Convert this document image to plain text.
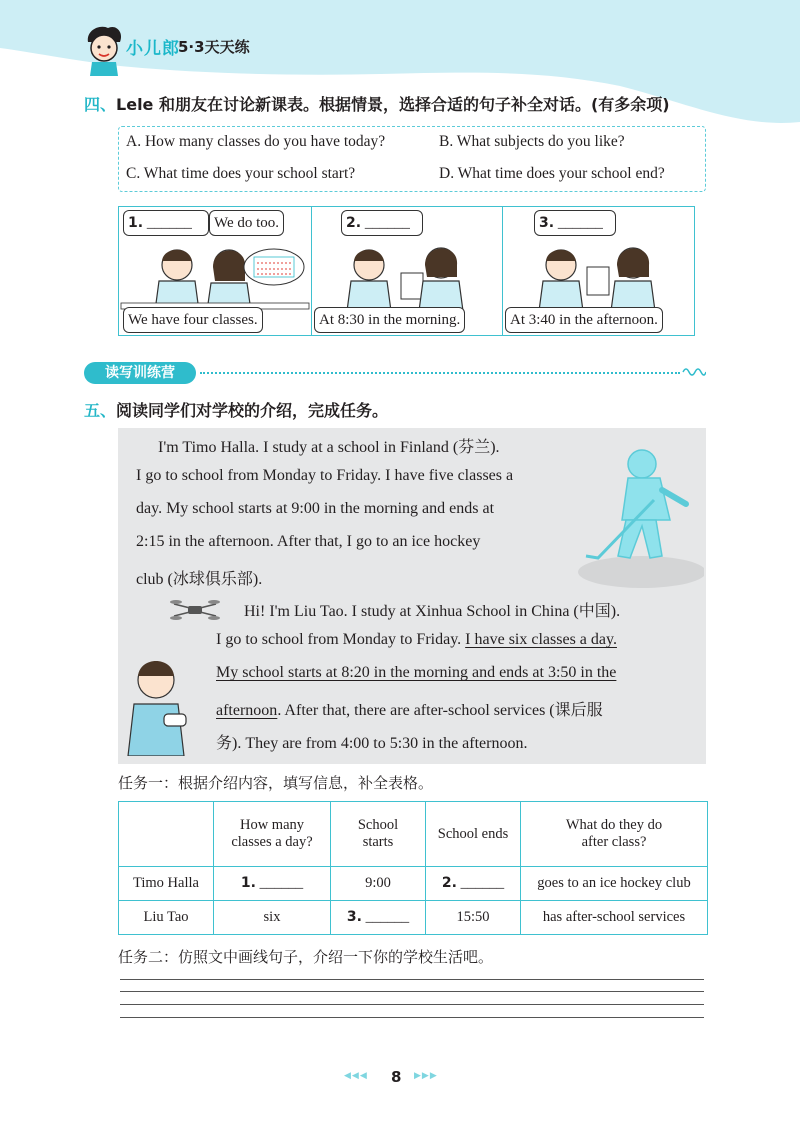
小儿郎
5·3天天练
四、Lele 和朋友在讨论新课表。根据情景，选择合适的句子补全对话。(有多余项)
A. How many classes do you have today?	B. What subjects do you like?
C. What time does your school start?	D. What time does your school end?
1. ______	We do too.
We have four classes.
2. ______
At 8:30 in the morning.
3. ______
At 3:40 in the afternoon.
读写训练营
五、阅读同学们对学校的介绍，完成任务。
I'm Timo Halla. I study at a school in Finland (芬兰).
I go to school from Monday to Friday. I have five classes a
day. My school starts at 9:00 in the morning and ends at
2:15 in the afternoon. After that, I go to an ice hockey
club (冰球俱乐部).
Hi! I'm Liu Tao. I study at Xinhua School in China (中国).
I go to school from Monday to Friday. I have six classes a day.
My school starts at 8:20 in the morning and ends at 3:50 in the
afternoon. After that, there are after-school services (课后服
务). They are from 4:00 to 5:30 in the afternoon.
任务一：根据介绍内容，填写信息，补全表格。
	How many
classes a day?	School
starts	School ends	What do they do
after class?
Timo Halla	1. ______	9:00	2. ______	goes to an ice hockey club
Liu Tao	six	3. ______	15:50	has after-school services
任务二：仿照文中画线句子，介绍一下你的学校生活吧。
◀◀◀ 8 ▶▶▶
